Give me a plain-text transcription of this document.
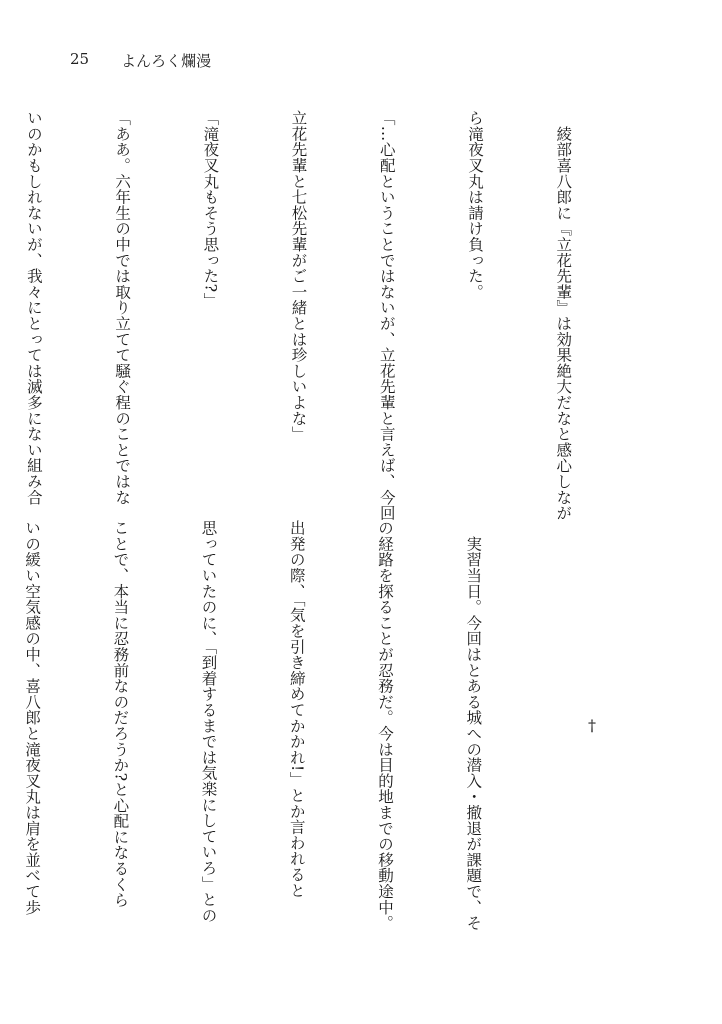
25 よんろく爛漫

　綾部喜八郎に『立花先輩』は効果絶大だなと感心しなが

ら滝夜叉丸は請け負った。

「…心配ということではないが、立花先輩と言えば、今回

立花先輩と七松先輩がご一緒とは珍しいよな」

「滝夜叉丸もそう思った?」

「ああ。六年生の中では取り立てて騒ぐ程のことではな

いのかもしれないが、我々にとっては滅多にない組み合

†

　実習当日。今回はとある城への潜入・撤退が課題で、そ

の経路を探ることが忍務だ。今は目的地までの移動途中。

出発の際、「気を引き締めてかかれ!」とか言われると

思っていたのに、「到着するまでは気楽にしていろ」との

ことで、本当に忍務前なのだろうか?と心配になるくら

いの緩い空気感の中、喜八郎と滝夜叉丸は肩を並べて歩
